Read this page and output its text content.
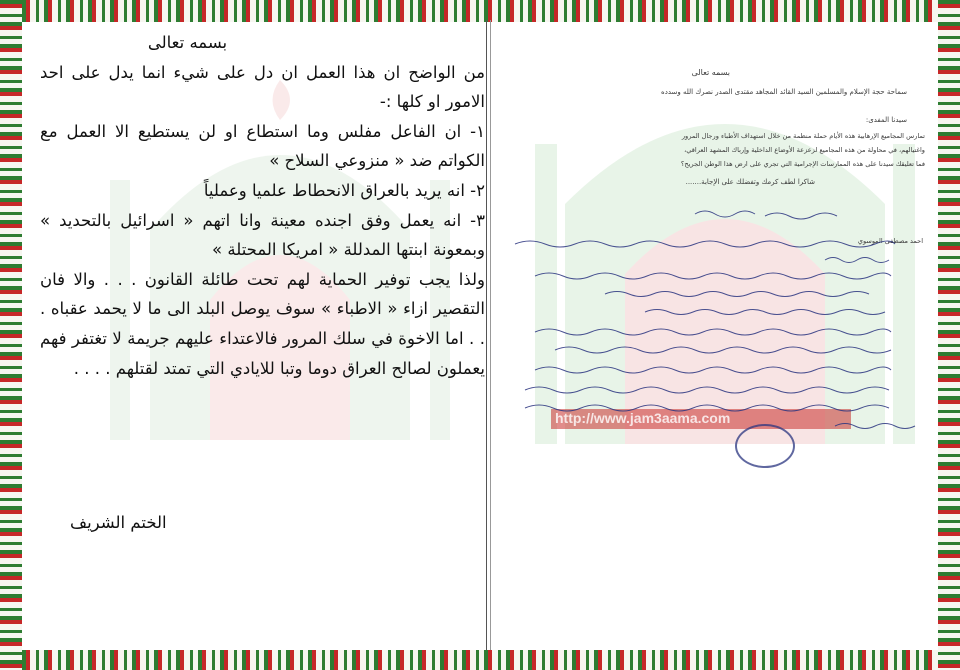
بسمه تعالى

من الواضح ان هذا العمل ان دل على شيء انما يدل على احد الامور او كلها :-

١- ان الفاعل مفلس وما استطاع او لن يستطيع الا العمل مع الكواتم ضد « منزوعي السلاح »

٢- انه يريد بالعراق الانحطاط علميا وعملياً

٣- انه يعمل وفق اجنده معينة وانا اتهم « اسرائيل بالتحديد » وبمعونة ابنتها المدللة « امريكا المحتلة »

ولذا يجب توفير الحماية لهم تحت طائلة القانون . . . والا فان التقصير ازاء « الاطباء » سوف يوصل البلد الى ما لا يحمد عقباه . . . اما الاخوة في سلك المرور فالاعتداء عليهم جريمة لا تغتفر فهم يعملون لصالح العراق دوما وتبا للايادي التي تمتد لقتلهم . . . .

الختم الشريف
http://www.jam3aama.com
بسمه تعالى
سماحة حجة الإسلام والمسلمين السيد القائد المجاهد مقتدى الصدر نصرك الله وسدده
سيدنا المفدى:
تمارس المجاميع الإرهابية هذه الأيام حملة منظمة من خلال استهداف الأطباء ورجال المرور
واغتيالهم، في محاولة من هذه المجاميع لزعزعة الأوضاع الداخلية وإرباك المشهد العراقي،
فما تعليقك سيدنا على هذه الممارسات الإجرامية التي تجري على ارض هذا الوطن الجريح؟
شاكرا لطف كرمك وتفضلك على الإجابة.......
احمد مصطفى الموسوي
